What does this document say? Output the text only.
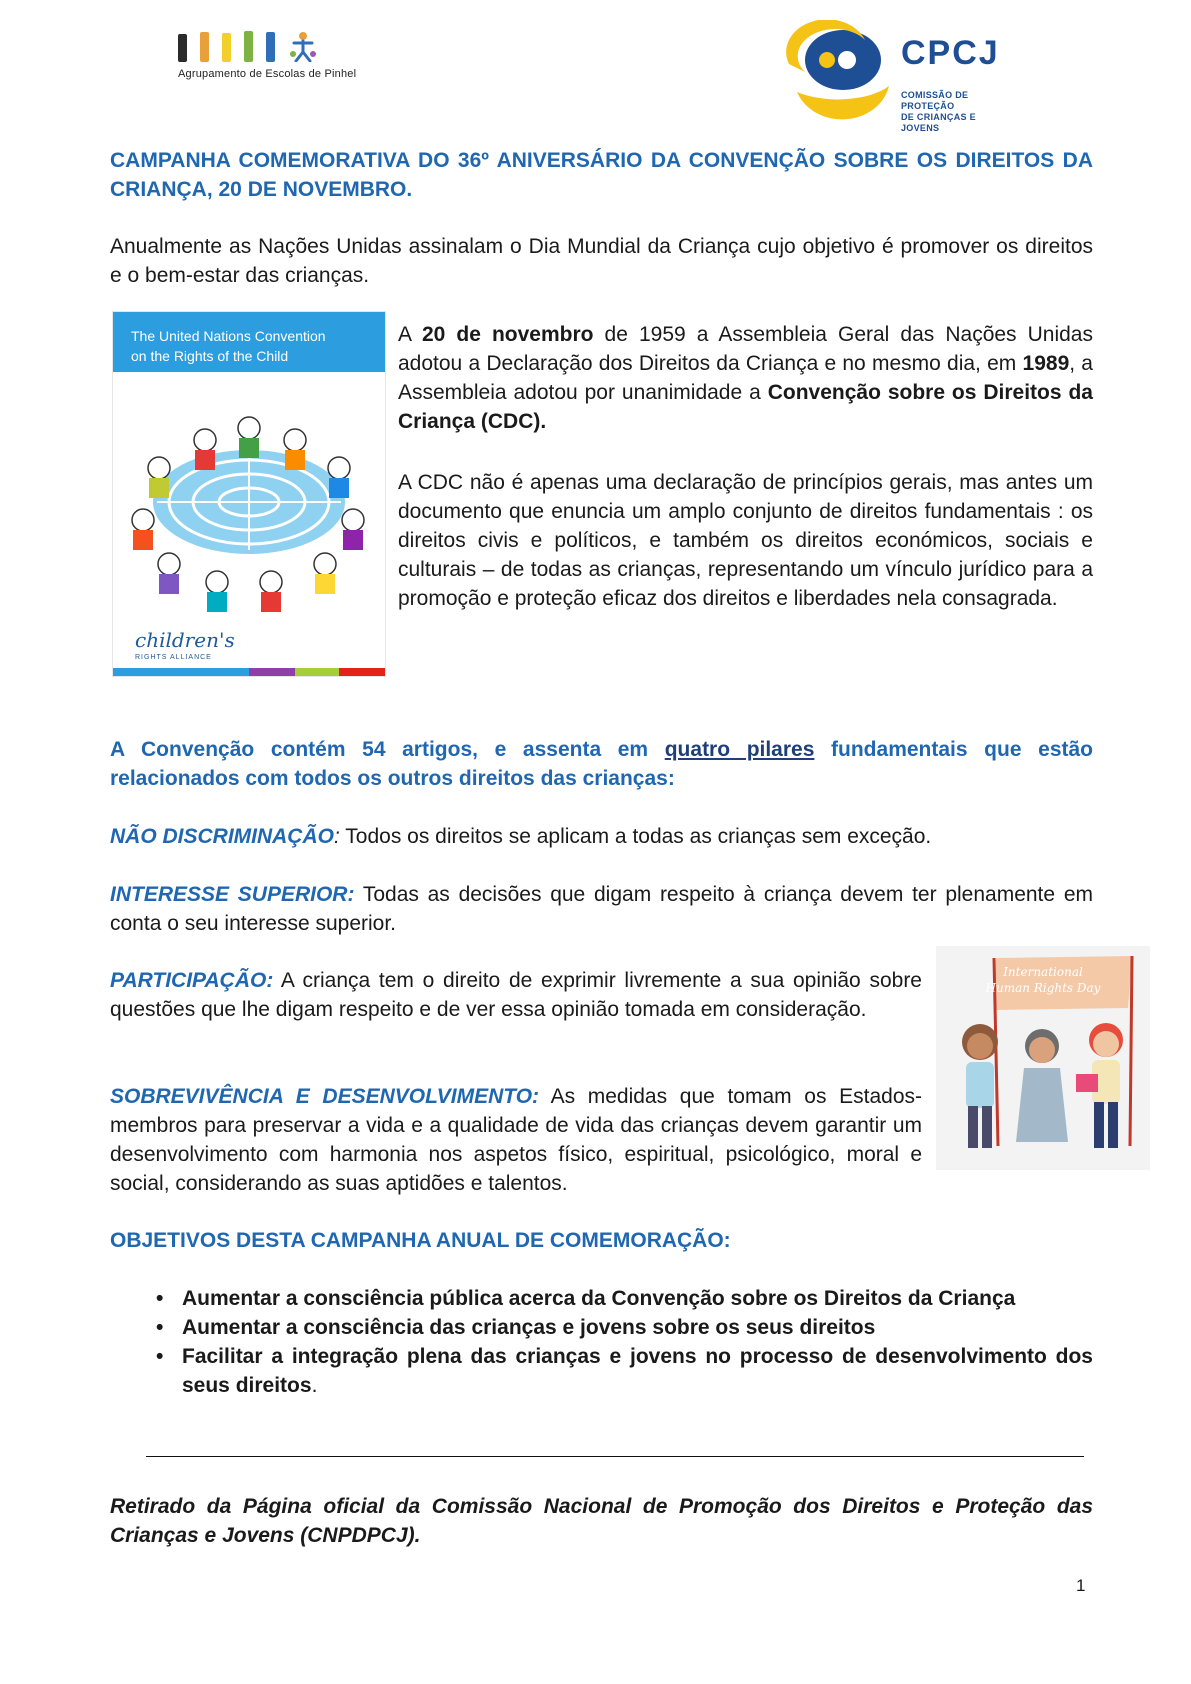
Agrupamento de Escolas de Pinhel
CPCJ
COMISSÃO DE PROTEÇÃO
DE CRIANÇAS E JOVENS
CAMPANHA COMEMORATIVA DO 36º ANIVERSÁRIO DA CONVENÇÃO SOBRE OS DIREITOS DA
CRIANÇA, 20 DE NOVEMBRO.
Anualmente as Nações Unidas assinalam o Dia Mundial da Criança cujo objetivo é promover os direitos e o bem-estar das crianças.
The United Nations Convention
on the Rights of the Child
children's
RIGHTS ALLIANCE
A 20 de novembro de 1959 a Assembleia Geral das Nações Unidas adotou a Declaração dos Direitos da Criança e no mesmo dia, em 1989, a Assembleia adotou por unanimidade a Convenção sobre os Direitos da Criança (CDC).
A CDC não é apenas uma declaração de princípios gerais, mas antes um documento que enuncia um amplo conjunto de direitos fundamentais : os direitos civis e políticos, e também os direitos económicos, sociais e culturais – de todas as crianças, representando um vínculo jurídico para a promoção e proteção eficaz dos direitos e liberdades nela consagrada.
A Convenção contém 54 artigos, e assenta em quatro pilares fundamentais que estão relacionados com todos os outros direitos das crianças:
NÃO DISCRIMINAÇÃO: Todos os direitos se aplicam a todas as crianças sem exceção.
INTERESSE SUPERIOR: Todas as decisões que digam respeito à criança devem ter plenamente em conta o seu interesse superior.
PARTICIPAÇÃO: A criança tem o direito de exprimir livremente a sua opinião sobre questões que lhe digam respeito e de ver essa opinião tomada em consideração.
SOBREVIVÊNCIA E DESENVOLVIMENTO: As medidas que tomam os Estados-membros para preservar a vida e a qualidade de vida das crianças devem garantir um desenvolvimento com harmonia nos aspetos físico, espiritual, psicológico, moral e social, considerando as suas aptidões e talentos.
International
Human Rights Day
OBJETIVOS DESTA CAMPANHA ANUAL DE COMEMORAÇÃO:
• Aumentar a consciência pública acerca da Convenção sobre os Direitos da Criança
• Aumentar a consciência das crianças e jovens sobre os seus direitos
• Facilitar a integração plena das crianças e jovens no processo de desenvolvimento dos seus direitos.
Retirado da Página oficial da Comissão Nacional de Promoção dos Direitos e Proteção das Crianças e Jovens (CNPDPCJ).
1
